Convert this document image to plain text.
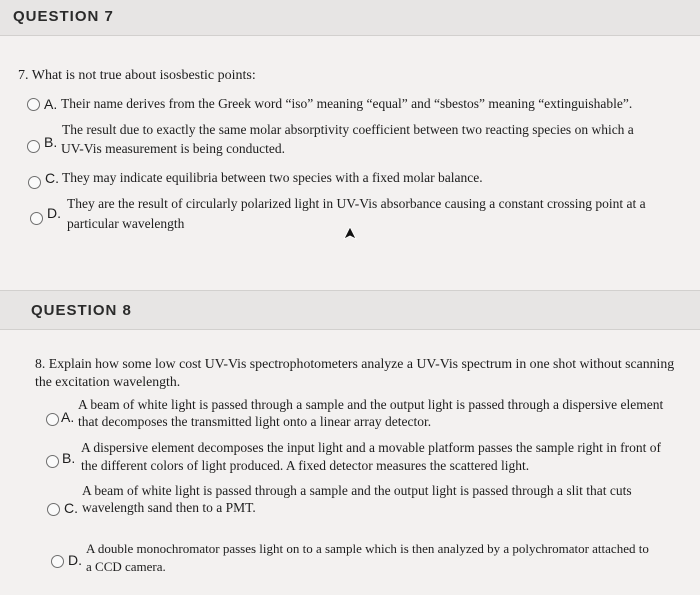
QUESTION 7
7. What is not true about isosbestic points:
A. Their name derives from the Greek word “iso” meaning “equal” and “sbestos” meaning “extinguishable”.
B.
The result due to exactly the same molar absorptivity coefficient between two reacting species on which a
UV-Vis measurement is being conducted.
C. They may indicate equilibria between two species with a fixed molar balance.
D.
They are the result of circularly polarized light in UV-Vis absorbance causing a constant crossing point at a
particular wavelength
QUESTION 8
8. Explain how some low cost UV-Vis spectrophotometers analyze a UV-Vis spectrum in one shot without scanning
the excitation wavelength.
A.
A beam of white light is passed through a sample and the output light is passed through a dispersive element
that decomposes the transmitted light onto a linear array detector.
B.
A dispersive element decomposes the input light and a movable platform passes the sample right in front of
the different colors of light produced. A fixed detector measures the scattered light.
A beam of white light is passed through a sample and the output light is passed through a slit that cuts
C. wavelength sand then to a PMT.
D.
A double monochromator passes light on to a sample which is then analyzed by a polychromator attached to
a CCD camera.
